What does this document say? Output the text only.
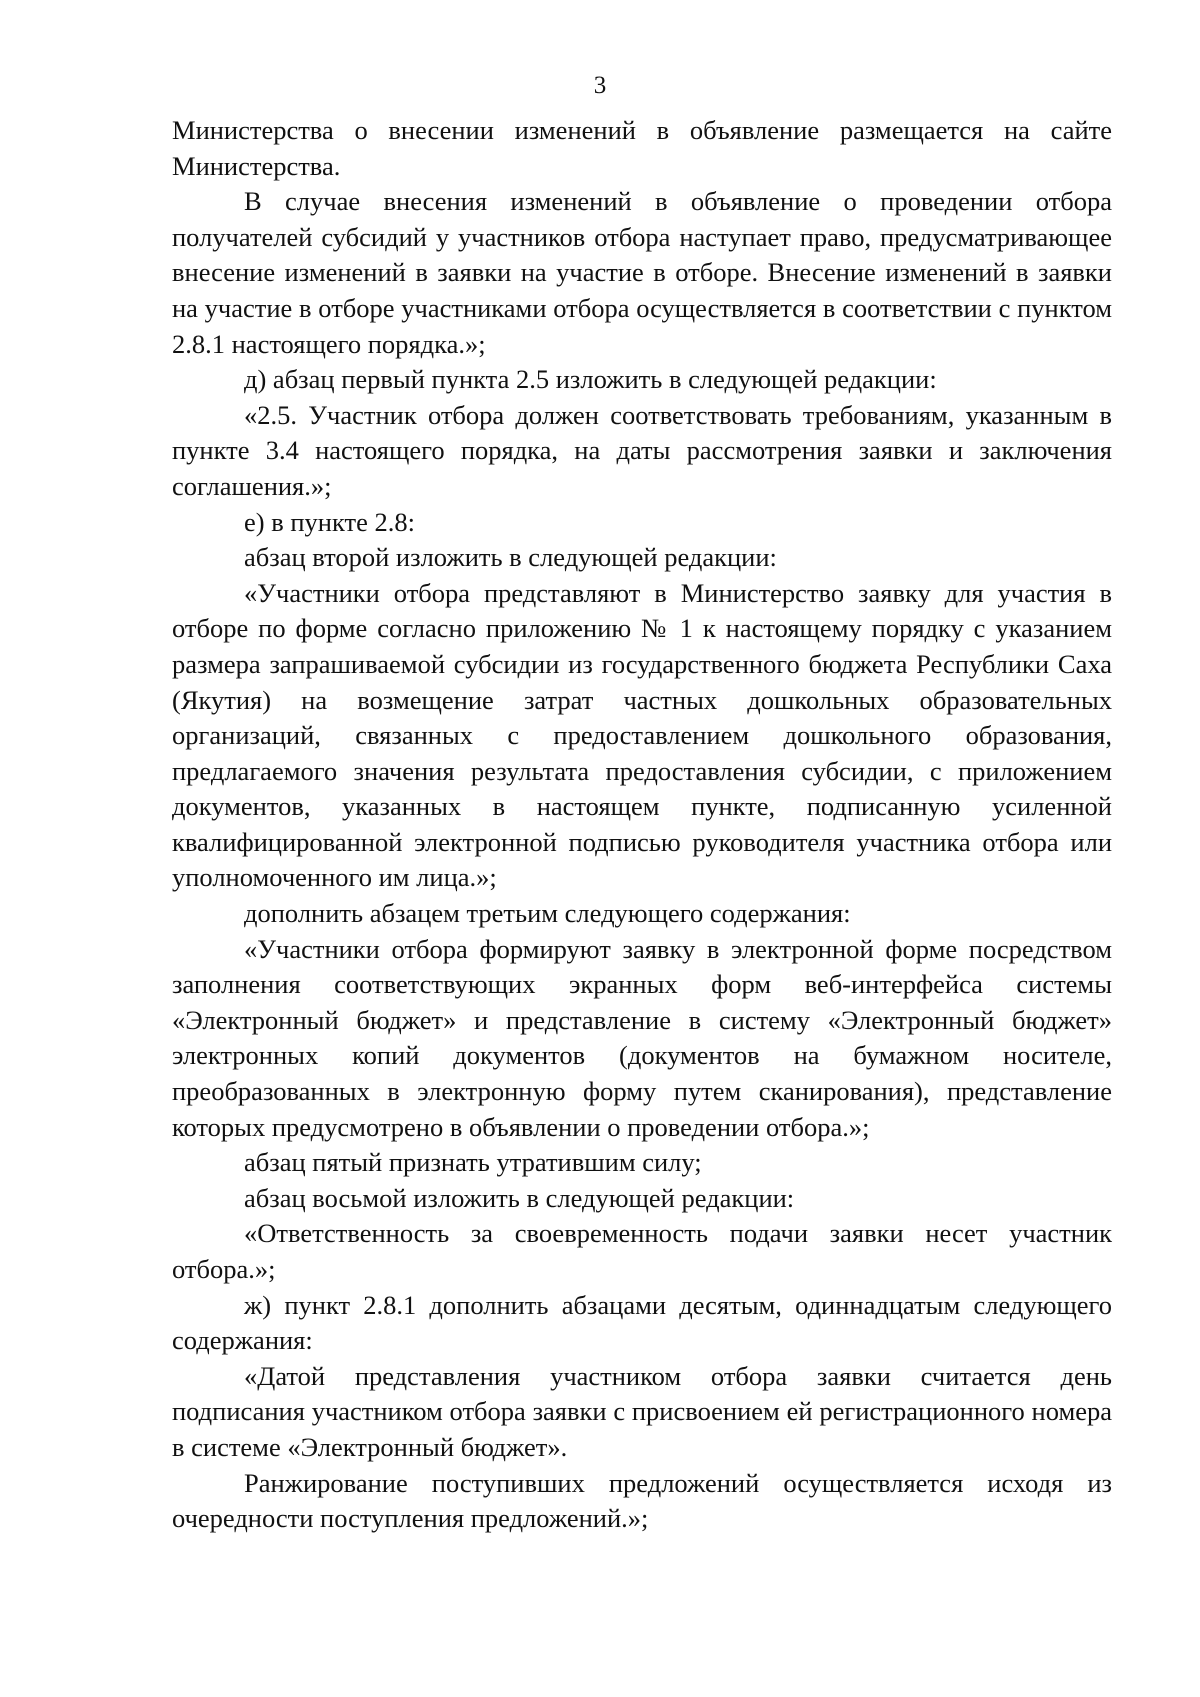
3

Министерства о внесении изменений в объявление размещается на сайте Министерства.

В случае внесения изменений в объявление о проведении отбора получателей субсидий у участников отбора наступает право, предусматривающее внесение изменений в заявки на участие в отборе. Внесение изменений в заявки на участие в отборе участниками отбора осуществляется в соответствии с пунктом 2.8.1 настоящего порядка.»;

д) абзац первый пункта 2.5 изложить в следующей редакции:

«2.5. Участник отбора должен соответствовать требованиям, указанным в пункте 3.4 настоящего порядка, на даты рассмотрения заявки и заключения соглашения.»;

е) в пункте 2.8:

абзац второй изложить в следующей редакции:

«Участники отбора представляют в Министерство заявку для участия в отборе по форме согласно приложению № 1 к настоящему порядку с указанием размера запрашиваемой субсидии из государственного бюджета Республики Саха (Якутия) на возмещение затрат частных дошкольных образовательных организаций, связанных с предоставлением дошкольного образования, предлагаемого значения результата предоставления субсидии, с приложением документов, указанных в настоящем пункте, подписанную усиленной квалифицированной электронной подписью руководителя участника отбора или уполномоченного им лица.»;

дополнить абзацем третьим следующего содержания:

«Участники отбора формируют заявку в электронной форме посредством заполнения соответствующих экранных форм веб-интерфейса системы «Электронный бюджет» и представление в систему «Электронный бюджет» электронных копий документов (документов на бумажном носителе, преобразованных в электронную форму путем сканирования), представление которых предусмотрено в объявлении о проведении отбора.»;

абзац пятый признать утратившим силу;

абзац восьмой изложить в следующей редакции:

«Ответственность за своевременность подачи заявки несет участник отбора.»;

ж) пункт 2.8.1 дополнить абзацами десятым, одиннадцатым следующего содержания:

«Датой представления участником отбора заявки считается день подписания участником отбора заявки с присвоением ей регистрационного номера в системе «Электронный бюджет».

Ранжирование поступивших предложений осуществляется исходя из очередности поступления предложений.»;
